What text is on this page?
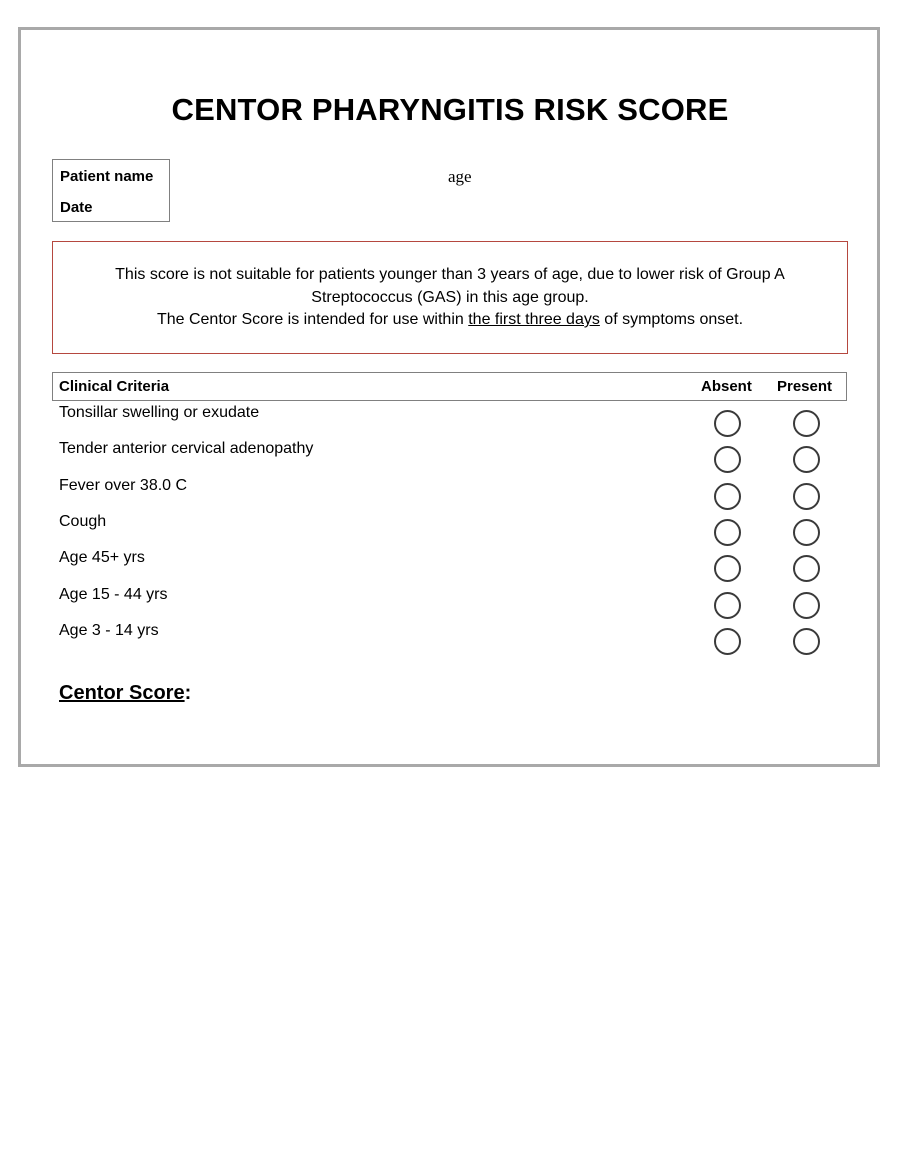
CENTOR PHARYNGITIS RISK SCORE
Patient name
Date
age
This score is not suitable for patients younger than 3 years of age, due to lower risk of Group A Streptococcus (GAS) in this age group.
The Centor Score is intended for use within the first three days of symptoms onset.
Clinical Criteria	Absent Present
Tonsillar swelling or exudate
Tender anterior cervical adenopathy
Fever over 38.0 C
Cough
Age 45+ yrs
Age 15 - 44 yrs
Age 3 - 14 yrs
Centor Score:
